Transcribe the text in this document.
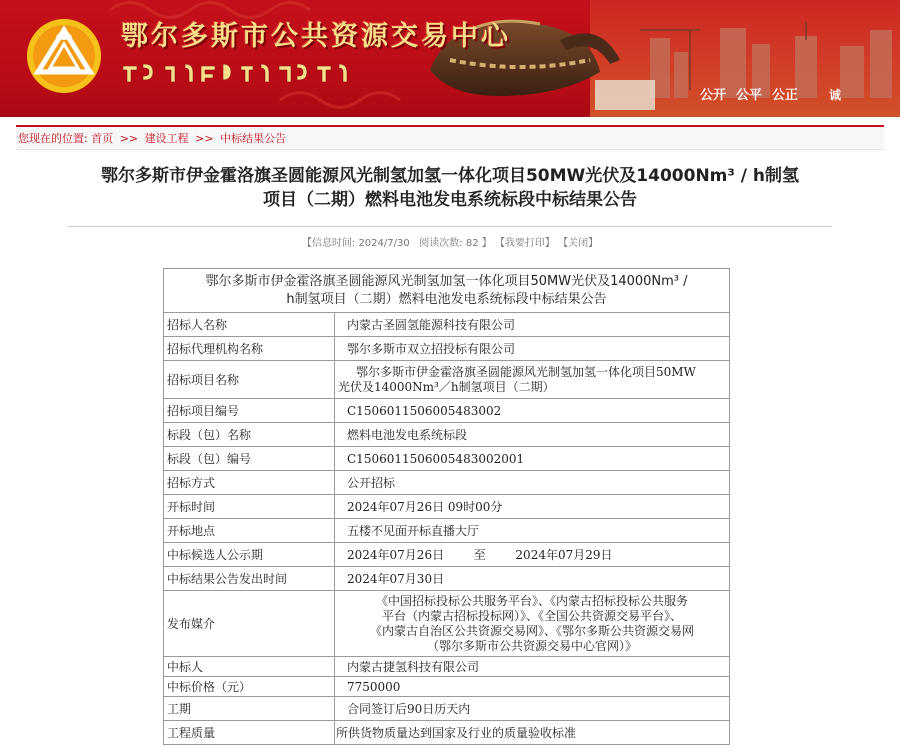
鄂尔多斯市公共资源交易中心
公开 公平 公正	诚
您现在的位置: 首页 >> 建设工程 >> 中标结果公告
鄂尔多斯市伊金霍洛旗圣圆能源风光制氢加氢一体化项目50MW光伏及14000Nm³ / h制氢
项目（二期）燃料电池发电系统标段中标结果公告
【信息时间: 2024/7/30 阅读次数: 82 】 【我要打印】 【关闭】
鄂尔多斯市伊金霍洛旗圣圆能源风光制氢加氢一体化项目50MW光伏及14000Nm³ /
h制氢项目（二期）燃料电池发电系统标段中标结果公告	

招标人名称	内蒙古圣圆氢能源科技有限公司
招标代理机构名称	鄂尔多斯市双立招投标有限公司
招标项目名称	鄂尔多斯市伊金霍洛旗圣圆能源风光制氢加氢一体化项目50MW
光伏及14000Nm³／h制氢项目（二期）

招标项目编号	C1506011506005483002
标段（包）名称	燃料电池发电系统标段
标段（包）编号	C1506011506005483002001
招标方式	公开招标
开标时间	2024年07月26日 09时00分
开标地点	五楼不见面开标直播大厅
中标候选人公示期	2024年07月26日 至 2024年07月29日
中标结果公告发出时间	2024年07月30日
发布媒介	《中国招标投标公共服务平台》、《内蒙古招标投标公共服务
平台（内蒙古招标投标网）》、《全国公共资源交易平台》、
《内蒙古自治区公共资源交易网》、《鄂尔多斯公共资源交易网
（鄂尔多斯市公共资源交易中心官网）》

中标人	内蒙古捷氢科技有限公司
中标价格（元）	7750000
工期	合同签订后90日历天内
工程质量	所供货物质量达到国家及行业的质量验收标准
